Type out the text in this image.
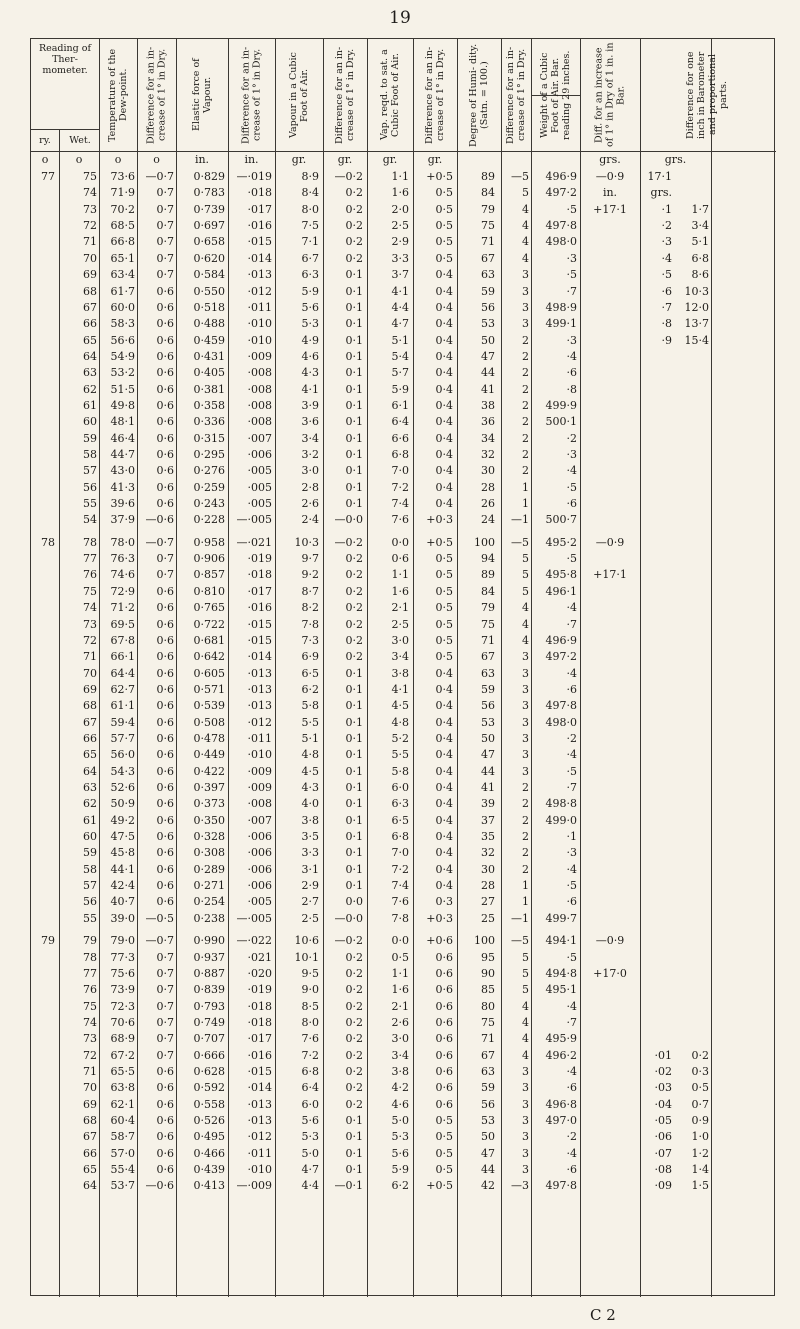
19
Reading of Ther- mometer.
ry.	Wet.	Temperature of the Dew-point.	Difference for an in- crease of 1° in Dry.	Elastic force of Vapour.	Difference for an in- crease of 1° in Dry.	Vapour in a Cubic Foot of Air.	Difference for an in- crease of 1° in Dry.	Vap. reqd. to sat. a Cubic Foot of Air.	Difference for an in- crease of 1° in Dry.	Degree of Humi- dity. (Satn. = 100.)	Difference for an in- crease of 1° in Dry.	Weight of a Cubic Foot of Air. Bar. reading 29 inches.	Diff. for an increase of 1° in Dry of 1 in. in Bar.	Difference for one inch in Barometer and proportional parts.
o	o	o	o	in.	in.	gr.	gr.	gr.	gr.	grs.	grs.
77	75	73·6 —0·7	0·829	—·019	8·9	—0·2	1·1	+0·5	89	—5	496·9	—0·9	17·1
74	71·9	0·7	0·783	·018	8·4	0·2	1·6	0·5	84	5	497·2	in.	grs.
73	70·2	0·7	0·739	·017	8·0	0·2	2·0	0·5	79	4	·5	+17·1	·1	1·7
72	68·5	0·7	0·697	·016	7·5	0·2	2·5	0·5	75	4	497·8	·2	3·4
71	66·8	0·7	0·658	·015	7·1	0·2	2·9	0·5	71	4	498·0	·3	5·1
70	65·1	0·7	0·620	·014	6·7	0·2	3·3	0·5	67	4	·3	·4	6·8
69	63·4	0·7	0·584	·013	6·3	0·1	3·7	0·4	63	3	·5	·5	8·6
68	61·7	0·6	0·550	·012	5·9	0·1	4·1	0·4	59	3	·7	·6	10·3
67	60·0	0·6	0·518	·011	5·6	0·1	4·4	0·4	56	3	498·9	·7	12·0
66	58·3	0·6	0·488	·010	5·3	0·1	4·7	0·4	53	3	499·1	·8	13·7
65	56·6	0·6	0·459	·010	4·9	0·1	5·1	0·4	50	2	·3	·9	15·4
64	54·9	0·6	0·431	·009	4·6	0·1	5·4	0·4	47	2	·4
63	53·2	0·6	0·405	·008	4·3	0·1	5·7	0·4	44	2	·6
62	51·5	0·6	0·381	·008	4·1	0·1	5·9	0·4	41	2	·8
61	49·8	0·6	0·358	·008	3·9	0·1	6·1	0·4	38	2	499·9
60	48·1	0·6	0·336	·008	3·6	0·1	6·4	0·4	36	2	500·1
59	46·4	0·6	0·315	·007	3·4	0·1	6·6	0·4	34	2	·2
58	44·7	0·6	0·295	·006	3·2	0·1	6·8	0·4	32	2	·3
57	43·0	0·6	0·276	·005	3·0	0·1	7·0	0·4	30	2	·4
56	41·3	0·6	0·259	·005	2·8	0·1	7·2	0·4	28	1	·5
55	39·6	0·6	0·243	·005	2·6	0·1	7·4	0·4	26	1	·6
54	37·9 —0·6	0·228	—·005	2·4	—0·0	7·6	+0·3	24	—1	500·7
78	78	78·0 —0·7	0·958	—·021	10·3	—0·2	0·0	+0·5	100	—5	495·2	—0·9
77	76·3	0·7	0·906	·019	9·7	0·2	0·6	0·5	94	5	·5
76	74·6	0·7	0·857	·018	9·2	0·2	1·1	0·5	89	5	495·8	+17·1
75	72·9	0·6	0·810	·017	8·7	0·2	1·6	0·5	84	5	496·1
74	71·2	0·6	0·765	·016	8·2	0·2	2·1	0·5	79	4	·4
73	69·5	0·6	0·722	·015	7·8	0·2	2·5	0·5	75	4	·7
72	67·8	0·6	0·681	·015	7·3	0·2	3·0	0·5	71	4	496·9
71	66·1	0·6	0·642	·014	6·9	0·2	3·4	0·5	67	3	497·2
70	64·4	0·6	0·605	·013	6·5	0·1	3·8	0·4	63	3	·4
69	62·7	0·6	0·571	·013	6·2	0·1	4·1	0·4	59	3	·6
68	61·1	0·6	0·539	·013	5·8	0·1	4·5	0·4	56	3	497·8
67	59·4	0·6	0·508	·012	5·5	0·1	4·8	0·4	53	3	498·0
66	57·7	0·6	0·478	·011	5·1	0·1	5·2	0·4	50	3	·2
65	56·0	0·6	0·449	·010	4·8	0·1	5·5	0·4	47	3	·4
64	54·3	0·6	0·422	·009	4·5	0·1	5·8	0·4	44	3	·5
63	52·6	0·6	0·397	·009	4·3	0·1	6·0	0·4	41	2	·7
62	50·9	0·6	0·373	·008	4·0	0·1	6·3	0·4	39	2	498·8
61	49·2	0·6	0·350	·007	3·8	0·1	6·5	0·4	37	2	499·0
60	47·5	0·6	0·328	·006	3·5	0·1	6·8	0·4	35	2	·1
59	45·8	0·6	0·308	·006	3·3	0·1	7·0	0·4	32	2	·3
58	44·1	0·6	0·289	·006	3·1	0·1	7·2	0·4	30	2	·4
57	42·4	0·6	0·271	·006	2·9	0·1	7·4	0·4	28	1	·5
56	40·7	0·6	0·254	·005	2·7	0·0	7·6	0·3	27	1	·6
55	39·0 —0·5	0·238	—·005	2·5	—0·0	7·8	+0·3	25	—1	499·7
79	79	79·0 —0·7	0·990	—·022	10·6	—0·2	0·0	+0·6	100	—5	494·1	—0·9
78	77·3	0·7	0·937	·021	10·1	0·2	0·5	0·6	95	5	·5
77	75·6	0·7	0·887	·020	9·5	0·2	1·1	0·6	90	5	494·8	+17·0
76	73·9	0·7	0·839	·019	9·0	0·2	1·6	0·6	85	5	495·1
75	72·3	0·7	0·793	·018	8·5	0·2	2·1	0·6	80	4	·4
74	70·6	0·7	0·749	·018	8·0	0·2	2·6	0·6	75	4	·7
73	68·9	0·7	0·707	·017	7·6	0·2	3·0	0·6	71	4	495·9
72	67·2	0·7	0·666	·016	7·2	0·2	3·4	0·6	67	4	496·2	·01	0·2
71	65·5	0·6	0·628	·015	6·8	0·2	3·8	0·6	63	3	·4	·02	0·3
70	63·8	0·6	0·592	·014	6·4	0·2	4·2	0·6	59	3	·6	·03	0·5
69	62·1	0·6	0·558	·013	6·0	0·2	4·6	0·6	56	3	496·8	·04	0·7
68	60·4	0·6	0·526	·013	5·6	0·1	5·0	0·5	53	3	497·0	·05	0·9
67	58·7	0·6	0·495	·012	5·3	0·1	5·3	0·5	50	3	·2	·06	1·0
66	57·0	0·6	0·466	·011	5·0	0·1	5·6	0·5	47	3	·4	·07	1·2
65	55·4	0·6	0·439	·010	4·7	0·1	5·9	0·5	44	3	·6	·08	1·4
64	53·7 —0·6	0·413	—·009	4·4	—0·1	6·2	+0·5	42	—3	497·8	·09	1·5
C 2
